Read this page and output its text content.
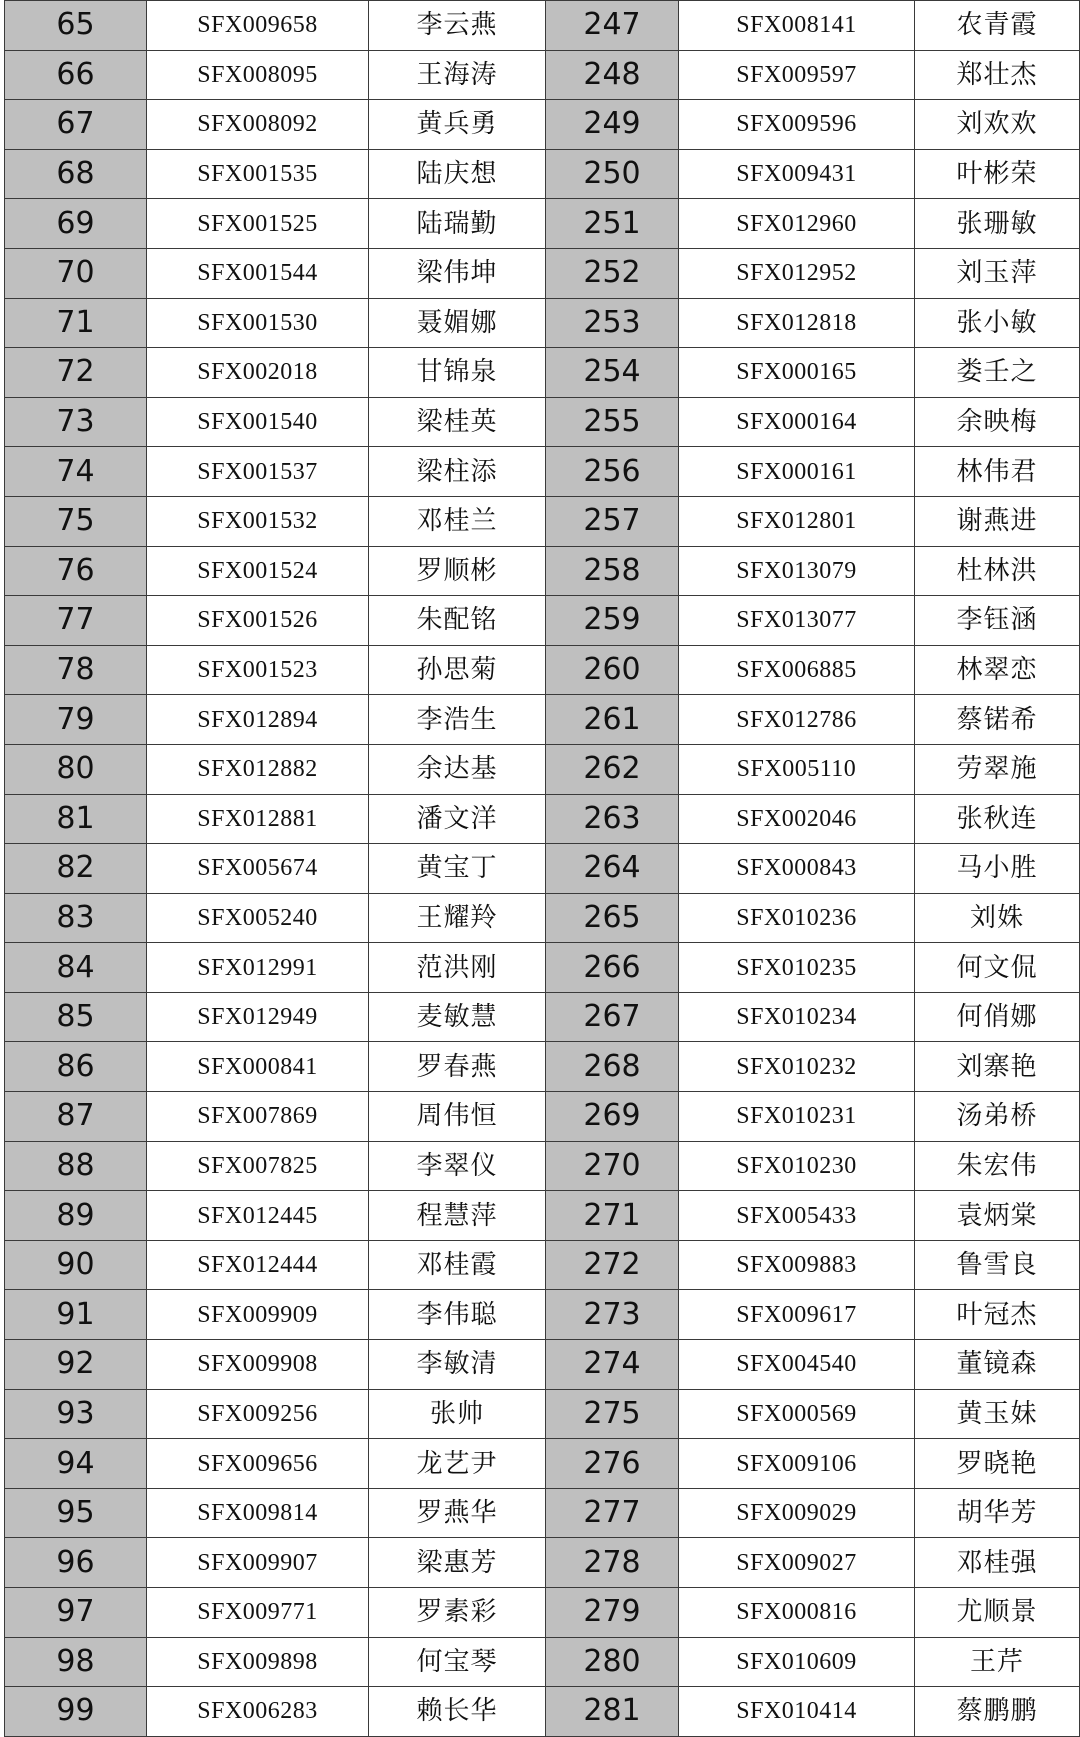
65	SFX009658	李云燕	247	SFX008141	农青霞
66	SFX008095	王海涛	248	SFX009597	郑壮杰
67	SFX008092	黄兵勇	249	SFX009596	刘欢欢
68	SFX001535	陆庆想	250	SFX009431	叶彬荣
69	SFX001525	陆瑞勤	251	SFX012960	张珊敏
70	SFX001544	梁伟坤	252	SFX012952	刘玉萍
71	SFX001530	聂媚娜	253	SFX012818	张小敏
72	SFX002018	甘锦泉	254	SFX000165	娄壬之
73	SFX001540	梁桂英	255	SFX000164	余映梅
74	SFX001537	梁柱添	256	SFX000161	林伟君
75	SFX001532	邓桂兰	257	SFX012801	谢燕进
76	SFX001524	罗顺彬	258	SFX013079	杜林洪
77	SFX001526	朱配铭	259	SFX013077	李钰涵
78	SFX001523	孙思菊	260	SFX006885	林翠恋
79	SFX012894	李浩生	261	SFX012786	蔡锘希
80	SFX012882	余达基	262	SFX005110	劳翠施
81	SFX012881	潘文洋	263	SFX002046	张秋连
82	SFX005674	黄宝丁	264	SFX000843	马小胜
83	SFX005240	王耀羚	265	SFX010236	刘姝
84	SFX012991	范洪刚	266	SFX010235	何文侃
85	SFX012949	麦敏慧	267	SFX010234	何俏娜
86	SFX000841	罗春燕	268	SFX010232	刘寨艳
87	SFX007869	周伟恒	269	SFX010231	汤弟桥
88	SFX007825	李翠仪	270	SFX010230	朱宏伟
89	SFX012445	程慧萍	271	SFX005433	袁炳棠
90	SFX012444	邓桂霞	272	SFX009883	鲁雪良
91	SFX009909	李伟聪	273	SFX009617	叶冠杰
92	SFX009908	李敏清	274	SFX004540	董镜森
93	SFX009256	张帅	275	SFX000569	黄玉妹
94	SFX009656	龙艺尹	276	SFX009106	罗晓艳
95	SFX009814	罗燕华	277	SFX009029	胡华芳
96	SFX009907	梁惠芳	278	SFX009027	邓桂强
97	SFX009771	罗素彩	279	SFX000816	尤顺景
98	SFX009898	何宝琴	280	SFX010609	王芹
99	SFX006283	赖长华	281	SFX010414	蔡鹏鹏
